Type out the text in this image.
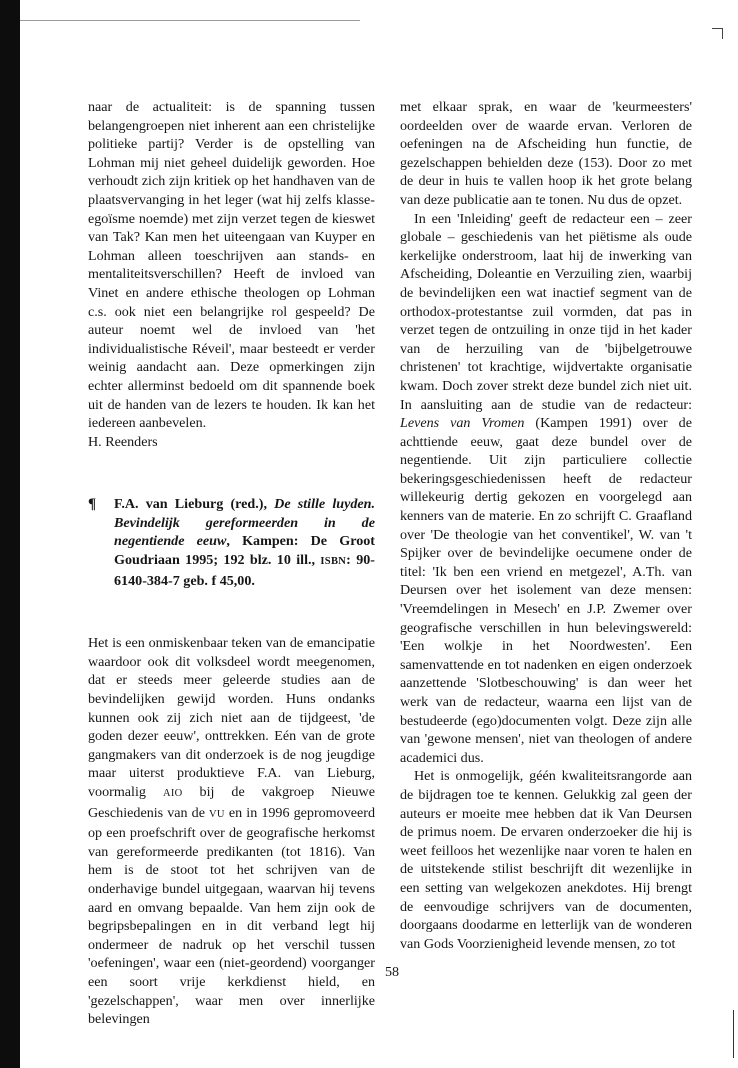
naar de actualiteit: is de spanning tussen belangengroepen niet inherent aan een christelijke politieke partij? Verder is de opstelling van Lohman mij niet geheel duidelijk geworden. Hoe verhoudt zich zijn kritiek op het handhaven van de plaatsvervanging in het leger (wat hij zelfs klasse-egoïsme noemde) met zijn verzet tegen de kieswet van Tak? Kan men het uiteengaan van Kuyper en Lohman alleen toeschrijven aan stands- en mentaliteitsverschillen? Heeft de invloed van Vinet en andere ethische theologen op Lohman c.s. ook niet een belangrijke rol gespeeld? De auteur noemt wel de invloed van 'het individualistische Réveil', maar besteedt er verder weinig aandacht aan. Deze opmerkingen zijn echter allerminst bedoeld om dit spannende boek uit de handen van de lezers te houden. Ik kan het iedereen aanbevelen.

H. Reenders

¶	F.A. van Lieburg (red.), De stille luyden. Bevindelijk gereformeerden in de negentiende eeuw, Kampen: De Groot Goudriaan 1995; 192 blz. 10 ill., ISBN: 90-6140-384-7 geb. f 45,00.

Het is een onmiskenbaar teken van de emancipatie waardoor ook dit volksdeel wordt meegenomen, dat er steeds meer geleerde studies aan de bevindelijken gewijd worden. Huns ondanks kunnen ook zij zich niet aan de tijdgeest, 'de goden dezer eeuw', onttrekken. Eén van de grote gangmakers van dit onderzoek is de nog jeugdige maar uiterst produktieve F.A. van Lieburg, voormalig AIO bij de vakgroep Nieuwe Geschiedenis van de VU en in 1996 gepromoveerd op een proefschrift over de geografische herkomst van gereformeerde predikanten (tot 1816). Van hem is de stoot tot het schrijven van de onderhavige bundel uitgegaan, waarvan hij tevens aard en omvang bepaalde. Van hem zijn ook de begripsbepalingen en in dit verband legt hij ondermeer de nadruk op het verschil tussen 'oefeningen', waar een (niet-geordend) voorganger een soort vrije kerkdienst hield, en 'gezelschappen', waar men over innerlijke belevingen

met elkaar sprak, en waar de 'keurmeesters' oordeelden over de waarde ervan. Verloren de oefeningen na de Afscheiding hun functie, de gezelschappen behielden deze (153). Door zo met de deur in huis te vallen hoop ik het grote belang van deze publicatie aan te tonen. Nu dus de opzet.

In een 'Inleiding' geeft de redacteur een – zeer globale – geschiedenis van het piëtisme als oude kerkelijke onderstroom, laat hij de inwerking van Afscheiding, Doleantie en Verzuiling zien, waarbij de bevindelijken een wat inactief segment van de orthodox-protestantse zuil vormden, dat pas in verzet tegen de ontzuiling in onze tijd in het kader van de herzuiling van de 'bijbelgetrouwe christenen' tot krachtige, wijdvertakte organisatie kwam. Doch zover strekt deze bundel zich niet uit. In aansluiting aan de studie van de redacteur: Levens van Vromen (Kampen 1991) over de achttiende eeuw, gaat deze bundel over de negentiende. Uit zijn particuliere collectie bekeringsgeschiedenissen heeft de redacteur willekeurig dertig gekozen en voorgelegd aan kenners van de materie. En zo schrijft C. Graafland over 'De theologie van het conventikel', W. van 't Spijker over de bevindelijke oecumene onder de titel: 'Ik ben een vriend en metgezel', A.Th. van Deursen over het isolement van deze mensen: 'Vreemdelingen in Mesech' en J.P. Zwemer over geografische verschillen in hun belevingswereld: 'Een wolkje in het Noordwesten'. Een samenvattende en tot nadenken en eigen onderzoek aanzettende 'Slotbeschouwing' is dan weer het werk van de redacteur, waarna een lijst van de bestudeerde (ego)documenten volgt. Deze zijn alle van 'gewone mensen', niet van theologen of andere academici dus.

Het is onmogelijk, géén kwaliteitsrangorde aan de bijdragen toe te kennen. Gelukkig zal geen der auteurs er moeite mee hebben dat ik Van Deursen de primus noem. De ervaren onderzoeker die hij is weet feilloos het wezenlijke naar voren te halen en de uitstekende stilist beschrijft dit wezenlijke in een setting van welgekozen anekdotes. Hij brengt de eenvoudige schrijvers van de documenten, doorgaans doodarme en letterlijk van de wonderen van Gods Voorzienigheid levende mensen, zo tot

58
